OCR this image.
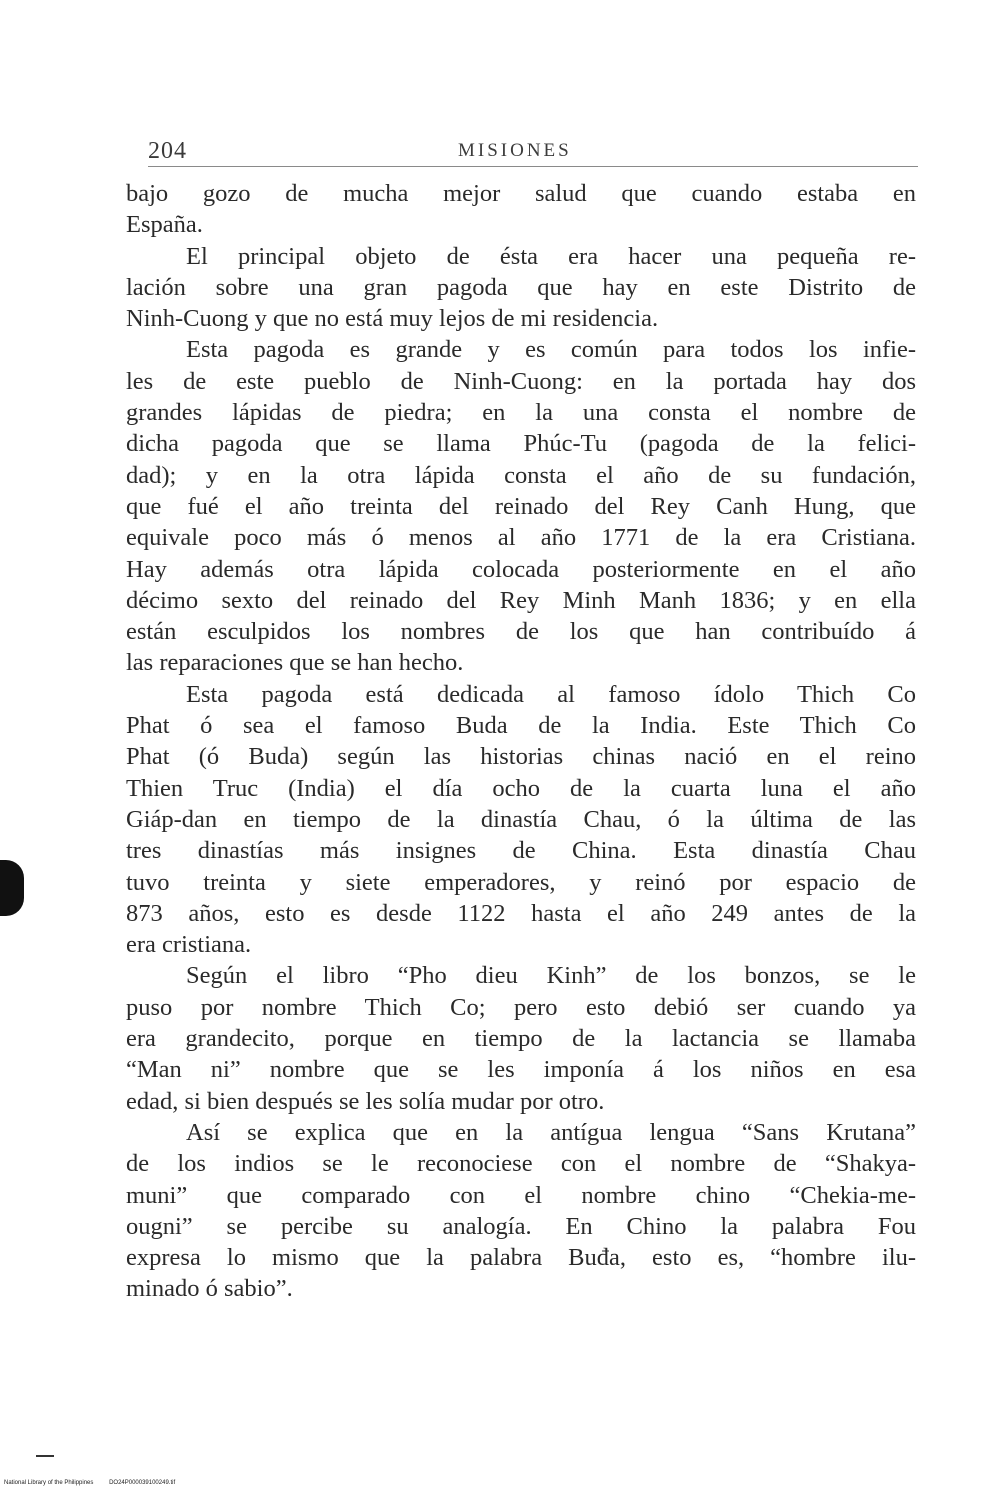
204	MISIONES
bajo gozo de mucha mejor salud que cuando estaba en
España.
El principal objeto de ésta era hacer una pequeña re-
lación sobre una gran pagoda que hay en este Distrito de
Ninh-Cuong y que no está muy lejos de mi residencia.
Esta pagoda es grande y es común para todos los infie-
les de este pueblo de Ninh-Cuong: en la portada hay dos
grandes lápidas de piedra; en la una consta el nombre de
dicha pagoda que se llama Phúc-Tu (pagoda de la felici-
dad); y en la otra lápida consta el año de su fundación,
que fué el año treinta del reinado del Rey Canh Hung, que
equivale poco más ó menos al año 1771 de la era Cristiana.
Hay además otra lápida colocada posteriormente en el año
décimo sexto del reinado del Rey Minh Manh 1836; y en ella
están esculpidos los nombres de los que han contribuído á
las reparaciones que se han hecho.
Esta pagoda está dedicada al famoso ídolo Thich Co
Phat ó sea el famoso Buda de la India. Este Thich Co
Phat (ó Buda) según las historias chinas nació en el reino
Thien Truc (India) el día ocho de la cuarta luna el año
Giáp-dan en tiempo de la dinastía Chau, ó la última de las
tres dinastías más insignes de China. Esta dinastía Chau
tuvo treinta y siete emperadores, y reinó por espacio de
873 años, esto es desde 1122 hasta el año 249 antes de la
era cristiana.
Según el libro “Pho dieu Kinh” de los bonzos, se le
puso por nombre Thich Co; pero esto debió ser cuando ya
era grandecito, porque en tiempo de la lactancia se llamaba
“Man ni” nombre que se les imponía á los niños en esa
edad, si bien después se les solía mudar por otro.
Así se explica que en la antígua lengua “Sans Krutana”
de los indios se le reconociese con el nombre de “Shakya-
muni” que comparado con el nombre chino “Chekia-me-
ougni” se percibe su analogía. En Chino la palabra Fou
expresa lo mismo que la palabra Buđa, esto es, “hombre ilu-
minado ó sabio”.
National Library of the Philippines	DO24P000039100249.tif
